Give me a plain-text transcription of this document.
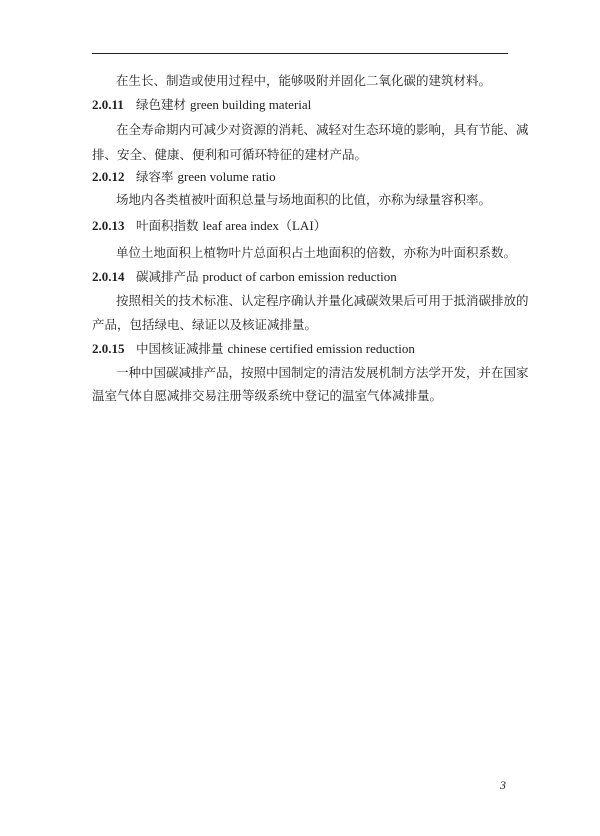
在生长、制造或使用过程中，能够吸附并固化二氧化碳的建筑材料。
2.0.11 绿色建材 green building material
在全寿命期内可减少对资源的消耗、减轻对生态环境的影响，具有节能、减
排、安全、健康、便利和可循环特征的建材产品。
2.0.12 绿容率 green volume ratio
场地内各类植被叶面积总量与场地面积的比值，亦称为绿量容积率。
2.0.13 叶面积指数 leaf area index（LAI）
单位土地面积上植物叶片总面积占土地面积的倍数，亦称为叶面积系数。
2.0.14 碳减排产品 product of carbon emission reduction
按照相关的技术标准、认定程序确认并量化减碳效果后可用于抵消碳排放的
产品，包括绿电、绿证以及核证减排量。
2.0.15 中国核证减排量 chinese certified emission reduction
一种中国碳减排产品，按照中国制定的清洁发展机制方法学开发，并在国家
温室气体自愿减排交易注册等级系统中登记的温室气体减排量。
3
